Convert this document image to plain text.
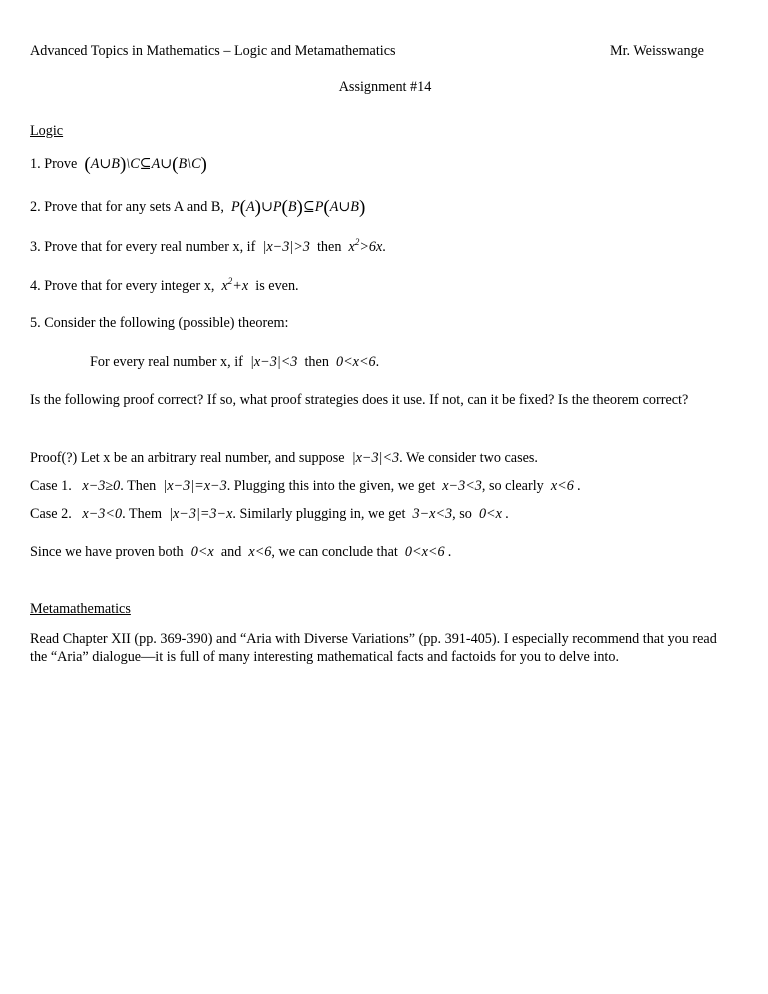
Advanced Topics in Mathematics – Logic and Metamathematics	Mr. Weisswange
Assignment #14
Logic
1. Prove (A∪B)\C⊆A∪(B\C)
2. Prove that for any sets A and B,  P(A)∪P(B)⊆P(A∪B)
3. Prove that for every real number x, if  |x−3|>3  then  $x^2>6x$.
4. Prove that for every integer x,  $x^2+x$  is even.
5. Consider the following (possible) theorem:
For every real number x, if  |x−3|<3  then  0<x<6.
Is the following proof correct? If so, what proof strategies does it use. If not, can it be fixed? Is the theorem correct?
Proof(?) Let x be an arbitrary real number, and suppose  |x−3|<3. We consider two cases.
Case 1.   x−3≥0. Then  |x−3|=x−3. Plugging this into the given, we get  x−3<3, so clearly  x<6 .
Case 2.   x−3<0. Them  |x−3|=3−x. Similarly plugging in, we get  3−x<3, so  0<x .
Since we have proven both  0<x  and  x<6, we can conclude that  0<x<6 .
Metamathematics
Read Chapter XII (pp. 369-390) and “Aria with Diverse Variations” (pp. 391-405). I especially recommend that you read the “Aria” dialogue—it is full of many interesting mathematical facts and factoids for you to delve into.
